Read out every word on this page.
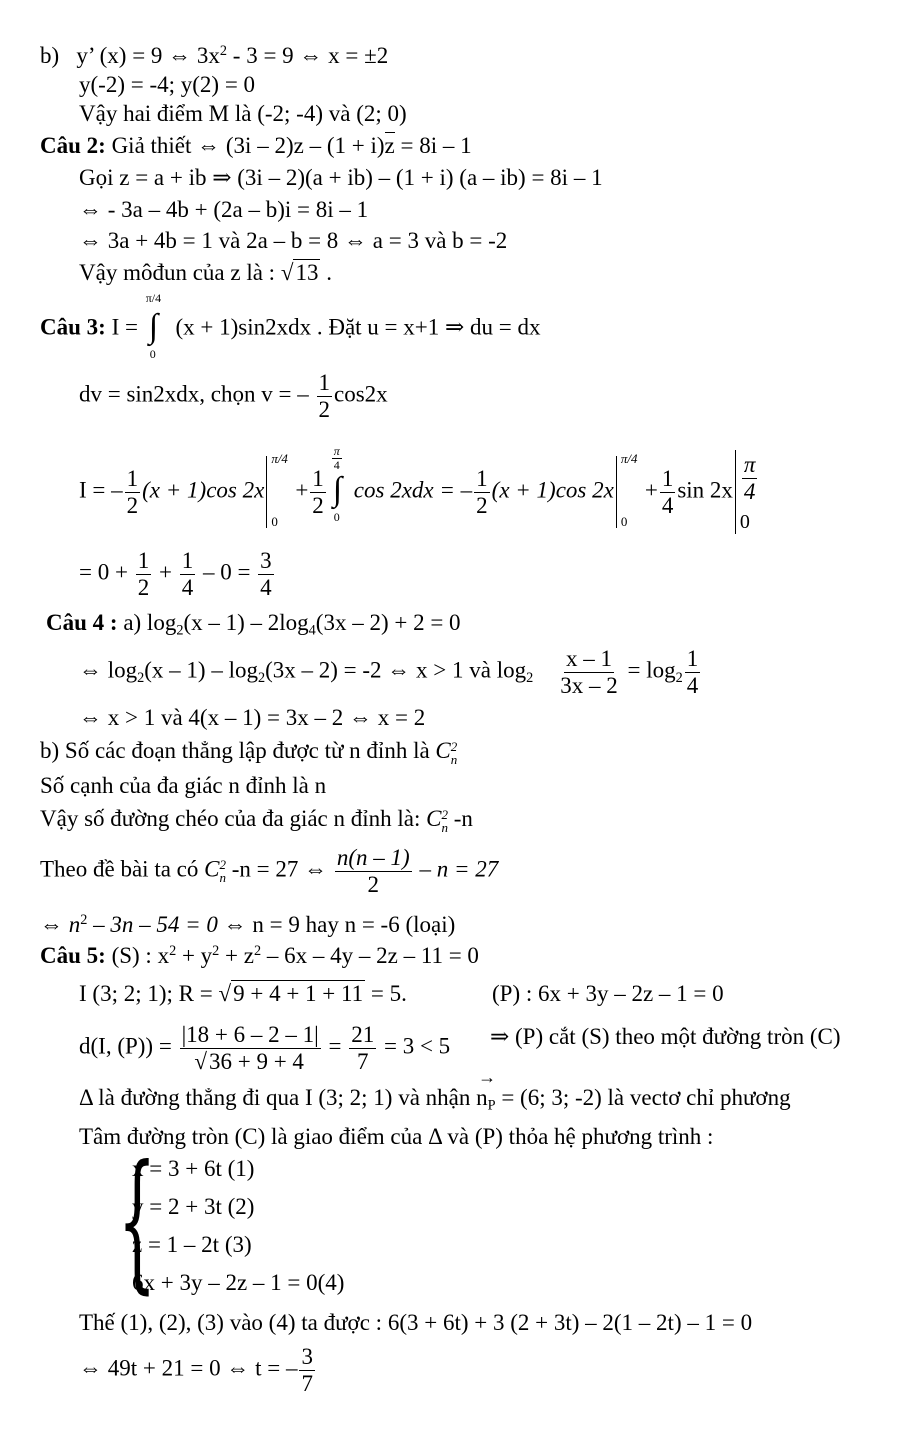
b) y’ (x) = 9 ⇔ $3x^2 - 3 = 9$ ⇔ x = ±2
y(-2) = -4; y(2) = 0
Vậy hai điểm M là (-2; -4) và (2; 0)
Câu 2: Giả thiết ⇔ (3i – 2)z – (1 + i)z = 8i – 1
Gọi z = a + ib ⇒ (3i – 2)(a + ib) – (1 + i) (a – ib) = 8i – 1
⇔ - 3a – 4b + (2a – b)i = 8i – 1
⇔ 3a + 4b = 1 và 2a – b = 8 ⇔ a = 3 và b = -2
Vậy môđun của z là : √13 .
Câu 3: I = ∫
π/4
0
(x + 1)sin2xdx . Đặt u = x+1 ⇒ du = dx
dv = sin2xdx, chọn v = – $\frac{1}{2} \cos 2x$
I = – $\frac{1}{2} (x + 1)\cos$ 2x
π/4
0
+ $\frac{1}{2}$ ∫
$\frac{\pi}{4}$
0
cos 2xdx = – $\frac{1}{2} (x + 1)\cos$ 2x
π/4
0
+ $\frac{1}{4}$ $\sin 2x \frac{\pi}{4}$
0
= $0 + \frac{1}{2} + \frac{1}{4} - 0 = \frac{3}{4}$
Câu 4 : a) $\log_2(x - 1) - 2\log_4(3x - 2) + 2 = 0$
⇔ $\log_2(x - 1) - \log_2(3x - 2) = -2$ ⇔ x > 1 và $\log_2 \frac{x - 1}{3x - 2} = \log_2 \frac{1}{4}$
⇔ x > 1 và 4(x – 1) = 3x – 2 ⇔ x = 2
b) Số các đoạn thẳng lập được từ n đỉnh là C 2
n
Số cạnh của đa giác n đỉnh là n
Vậy số đường chéo của đa giác n đỉnh là: C 2
n -n
Theo đề bài ta có C 2
n -n = 27 ⇔ $\frac{n(n - 1)}{2} - n = 27$
⇔ $n^2 - 3n - 54 = 0$ ⇔ n = 9 hay n = -6 (loại)
Câu 5: (S) : $x^2 + y^2 + z^2 - 6x - 4y - 2z - 11 = 0$
I (3; 2; 1); R = √9 + 4 + 1 + 11 = 5.	(P) : 6x + 3y – 2z – 1 = 0
d(I, $(P)) = \frac{|18 + 6 - 2 - 1|}{√36 + 9 + 4} = \frac{21}{7} = 3 < 5$ ⇒ (P) cắt (S) theo một đường tròn (C)
Δ là đường thẳng đi qua I (3; 2; 1) và nhận → $n_P = (6$; 3; -2) là vectơ chỉ phương
Tâm đường tròn (C) là giao điểm của Δ và (P) thỏa hệ phương trình :
{
x = 3 + 6t (1)
y = 2 + 3t (2)
z = 1 – 2t (3)
6x + 3y – 2z – 1 = 0(4)
Thế (1), (2), (3) vào (4) ta được : 6(3 + 6t) + 3 (2 + 3t) – 2(1 – 2t) – 1 = 0
⇔ 49t + 21 = 0 ⇔ t = – $\frac{3}{7}$
